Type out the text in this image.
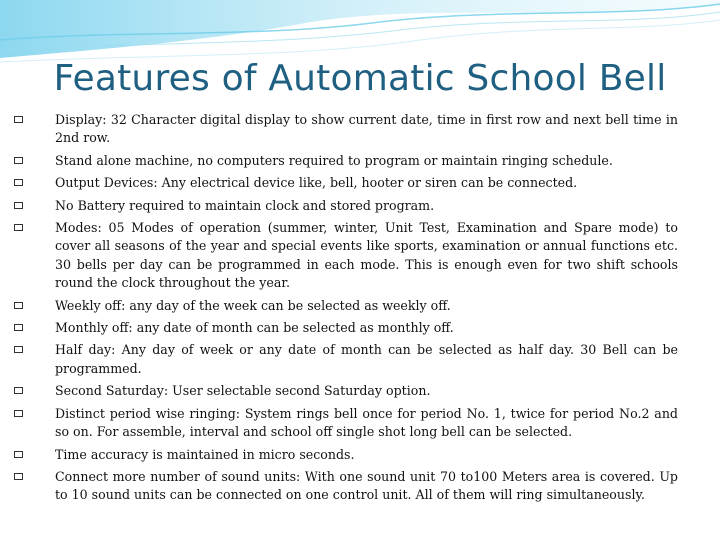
Features of Automatic School Bell
Display: 32 Character digital display to show current date, time in first row and next bell time in 2nd row.
Stand alone machine, no computers required to program or maintain ringing schedule.
Output Devices: Any electrical device like, bell, hooter or siren can be connected.
No Battery required to maintain clock and stored program.
Modes: 05 Modes of operation (summer, winter, Unit Test, Examination and Spare mode) to cover all seasons of the year and special events like sports, examination or annual functions etc. 30 bells per day can be programmed in each mode. This is enough even for two shift schools round the clock throughout the year.
Weekly off: any day of the week can be selected as weekly off.
Monthly off: any date of month can be selected as monthly off.
Half day: Any day of week or any date of month can be selected as half day. 30 Bell can be programmed.
Second Saturday: User selectable second Saturday option.
Distinct period wise ringing: System rings bell once for period No. 1, twice for period No.2 and so on. For assemble, interval and school off single shot long bell can be selected.
Time accuracy is maintained in micro seconds.
Connect more number of sound units: With one sound unit 70 to100 Meters area is covered. Up to 10 sound units can be connected on one control unit. All of them will ring simultaneously.
